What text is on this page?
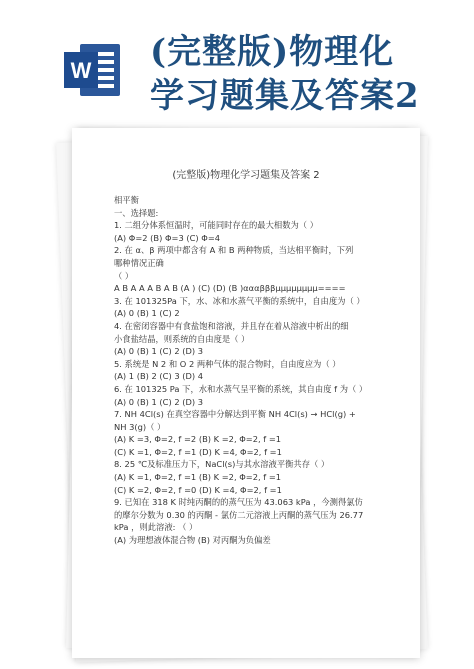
W (完整版)物理化
学习题集及答案2
(完整版)物理化学习题集及答案 2
相平衡
一、选择题:
1. 二组分体系恒温时，可能同时存在的最大相数为（ ）
(A) Φ=2 (B) Φ=3 (C) Φ=4
2. 在 α、β 两项中都含有 A 和 B 两种物质，当达相平衡时，下列
哪种情况正确
（ ）
A B A A A B A B (A ) (C) (D) (B )αααβββμμμμμμμμ====
3. 在 101325Pa 下，水、冰和水蒸气平衡的系统中，自由度为（ ）
(A) 0 (B) 1 (C) 2
4. 在密闭容器中有食盐饱和溶液，并且存在着从溶液中析出的细
小食盐结晶，则系统的自由度是（ ）
(A) 0 (B) 1 (C) 2 (D) 3
5. 系统是 N 2 和 O 2 两种气体的混合物时，自由度应为（ ）
(A) 1 (B) 2 (C) 3 (D) 4
6. 在 101325 Pa 下，水和水蒸气呈平衡的系统，其自由度 f 为（ ）
(A) 0 (B) 1 (C) 2 (D) 3
7. NH 4Cl(s) 在真空容器中分解达到平衡 NH 4Cl(s) → HCl(g) +
NH 3(g)（ ）
(A) K =3, Φ=2, f =2 (B) K =2, Φ=2, f =1
(C) K =1, Φ=2, f =1 (D) K =4, Φ=2, f =1
8. 25 ℃及标准压力下，NaCl(s)与其水溶液平衡共存（ ）
(A) K =1, Φ=2, f =1 (B) K =2, Φ=2, f =1
(C) K =2, Φ=2, f =0 (D) K =4, Φ=2, f =1
9. 已知在 318 K 时纯丙酮的的蒸气压为 43.063 kPa ，今测得氯仿
的摩尔分数为 0.30 的丙酮 - 氯仿二元溶液上丙酮的蒸气压为 26.77
kPa ，则此溶液: （ ）
(A) 为理想液体混合物 (B) 对丙酮为负偏差
